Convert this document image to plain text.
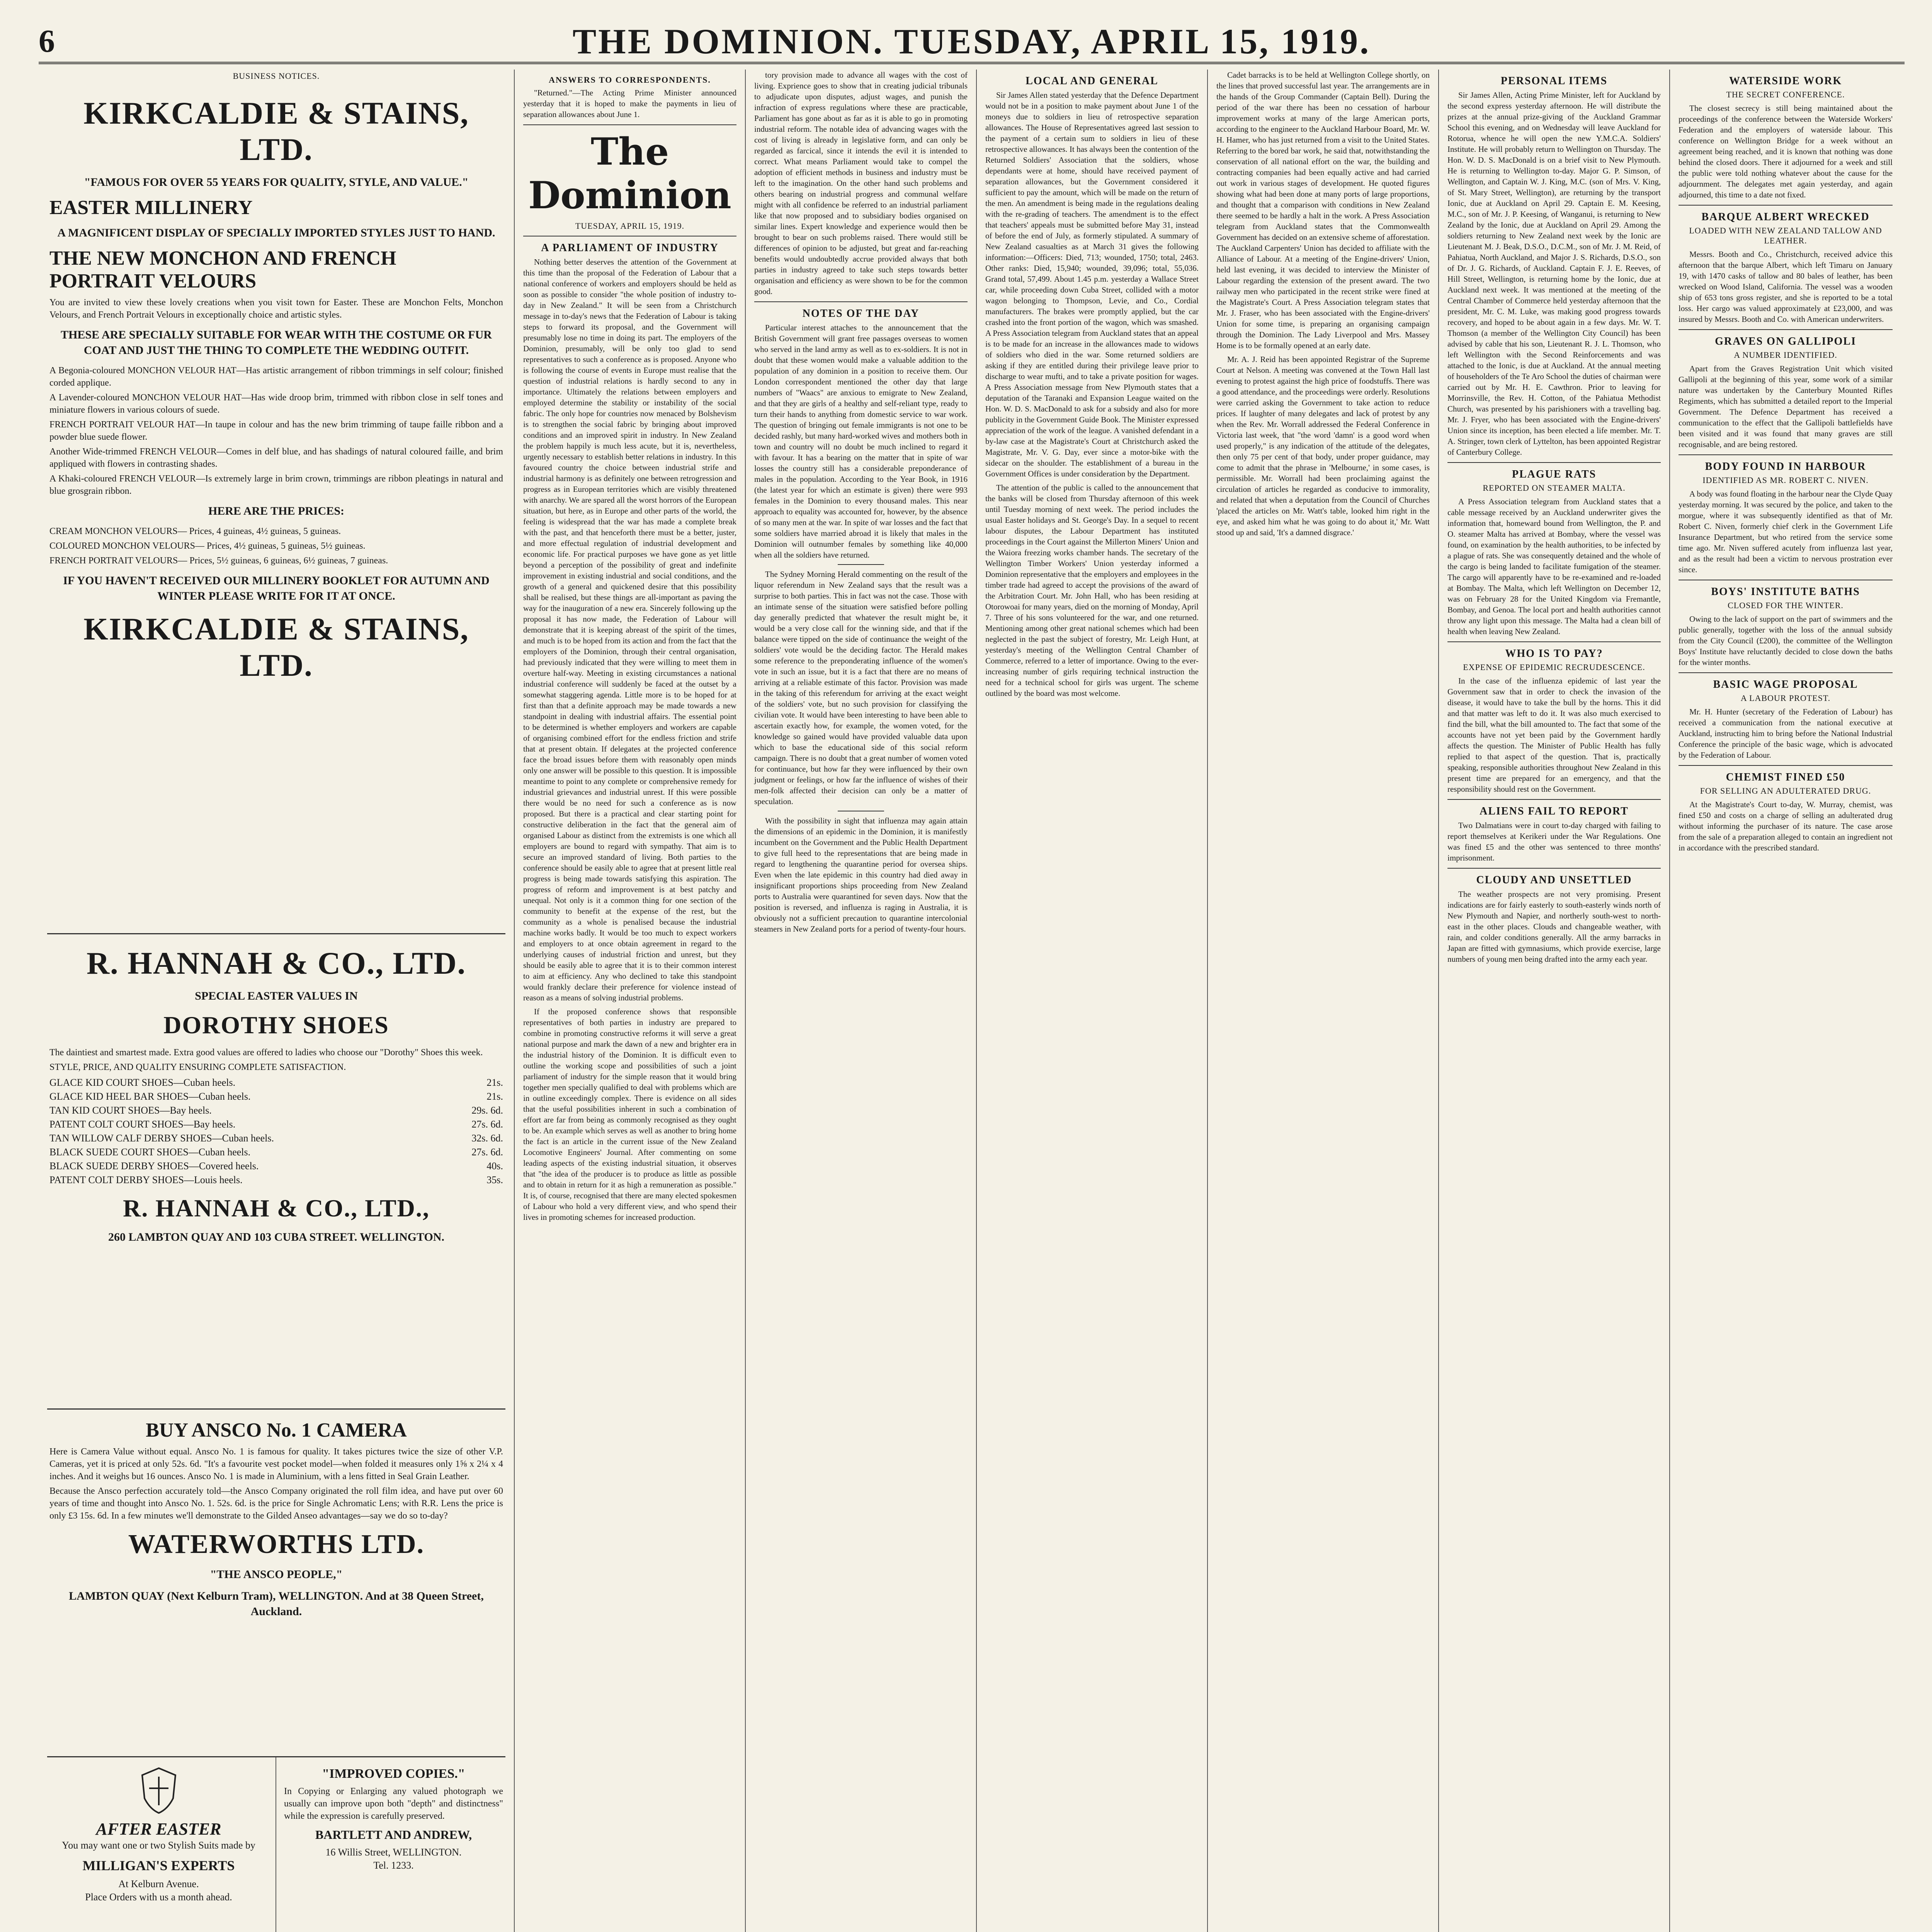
6	THE DOMINION. TUESDAY, APRIL 15, 1919.
BUSINESS NOTICES.
KIRKCALDIE & STAINS, LTD.
"FAMOUS FOR OVER 55 YEARS FOR QUALITY, STYLE, AND VALUE."
EASTER MILLINERY
A MAGNIFICENT DISPLAY OF SPECIALLY IMPORTED STYLES JUST TO HAND.
THE NEW MONCHON AND FRENCH PORTRAIT VELOURS

You are invited to view these lovely creations when you visit town for Easter. These are Monchon Felts, Monchon Velours, and French Portrait Velours in exceptionally choice and artistic styles.

THESE ARE SPECIALLY SUITABLE FOR WEAR WITH THE COSTUME OR FUR COAT AND JUST THE THING TO COMPLETE THE WEDDING OUTFIT.

A Begonia-coloured MONCHON VELOUR HAT—Has artistic arrangement of ribbon trimmings in self colour; finished corded applique.

A Lavender-coloured MONCHON VELOUR HAT—Has wide droop brim, trimmed with ribbon close in self tones and miniature flowers in various colours of suede.

FRENCH PORTRAIT VELOUR HAT—In taupe in colour and has the new brim trimming of taupe faille ribbon and a powder blue suede flower.

Another Wide-trimmed FRENCH VELOUR—Comes in delf blue, and has shadings of natural coloured faille, and brim appliqued with flowers in contrasting shades.

A Khaki-coloured FRENCH VELOUR—Is extremely large in brim crown, trimmings are ribbon pleatings in natural and blue grosgrain ribbon.

HERE ARE THE PRICES:
CREAM MONCHON VELOURS— Prices, 4 guineas, 4½ guineas, 5 guineas.
COLOURED MONCHON VELOURS— Prices, 4½ guineas, 5 guineas, 5½ guineas.
FRENCH PORTRAIT VELOURS— Prices, 5½ guineas, 6 guineas, 6½ guineas, 7 guineas.
IF YOU HAVEN'T RECEIVED OUR MILLINERY BOOKLET FOR AUTUMN AND WINTER PLEASE WRITE FOR IT AT ONCE.
KIRKCALDIE & STAINS, LTD.
R. HANNAH & CO., LTD.
SPECIAL EASTER VALUES IN
DOROTHY SHOES

The daintiest and smartest made. Extra good values are offered to ladies who choose our "Dorothy" Shoes this week.

STYLE, PRICE, AND QUALITY ENSURING COMPLETE SATISFACTION.

GLACE KID COURT SHOES—Cuban heels.	21s.
GLACE KID HEEL BAR SHOES—Cuban heels.	21s.
TAN KID COURT SHOES—Bay heels.	29s. 6d.
PATENT COLT COURT SHOES—Bay heels.	27s. 6d.
TAN WILLOW CALF DERBY SHOES—Cuban heels.	32s. 6d.
BLACK SUEDE COURT SHOES—Cuban heels.	27s. 6d.
BLACK SUEDE DERBY SHOES—Covered heels.	40s.
PATENT COLT DERBY SHOES—Louis heels.	35s.
R. HANNAH & CO., LTD.,
260 LAMBTON QUAY AND 103 CUBA STREET. WELLINGTON.
BUY ANSCO No. 1 CAMERA

Here is Camera Value without equal. Ansco No. 1 is famous for quality. It takes pictures twice the size of other V.P. Cameras, yet it is priced at only 52s. 6d. "It's a favourite vest pocket model—when folded it measures only 1⅝ x 2¼ x 4 inches. And it weighs but 16 ounces. Ansco No. 1 is made in Aluminium, with a lens fitted in Seal Grain Leather.

Because the Ansco perfection accurately told—the Ansco Company originated the roll film idea, and have put over 60 years of time and thought into Ansco No. 1. 52s. 6d. is the price for Single Achromatic Lens; with R.R. Lens the price is only £3 15s. 6d. In a few minutes we'll demonstrate to the Gilded Anseo advantages—say we do so to-day?

WATERWORTHS LTD.
"THE ANSCO PEOPLE,"
LAMBTON QUAY (Next Kelburn Tram), WELLINGTON. And at 38 Queen Street, Auckland.
AFTER EASTER
You may want one or two Stylish Suits made by
MILLIGAN'S EXPERTS
At Kelburn Avenue.
Place Orders with us a month ahead.

"IMPROVED COPIES."

In Copying or Enlarging any valued photograph we usually can improve upon both "depth" and distinctness" while the expression is carefully preserved.

BARTLETT AND ANDREW,
16 Willis Street, WELLINGTON.
Tel. 1233.

ANSWERS TO CORRESPONDENTS.

"Returned."—The Acting Prime Minister announced yesterday that it is hoped to make the payments in lieu of separation allowances about June 1.

The Dominion
TUESDAY, APRIL 15, 1919.
A PARLIAMENT OF INDUSTRY

Nothing better deserves the attention of the Government at this time than the proposal of the Federation of Labour that a national conference of workers and employers should be held as soon as possible to consider "the whole position of industry to-day in New Zealand." It will be seen from a Christchurch message in to-day's news that the Federation of Labour is taking steps to forward its proposal, and the Government will presumably lose no time in doing its part. The employers of the Dominion, presumably, will be only too glad to send representatives to such a conference as is proposed. Anyone who is following the course of events in Europe must realise that the question of industrial relations is hardly second to any in importance. Ultimately the relations between employers and employed determine the stability or instability of the social fabric. The only hope for countries now menaced by Bolshevism is to strengthen the social fabric by bringing about improved conditions and an improved spirit in industry. In New Zealand the problem happily is much less acute, but it is, nevertheless, urgently necessary to establish better relations in industry. In this favoured country the choice between industrial strife and industrial harmony is as definitely one between retrogression and progress as in European territories which are visibly threatened with anarchy. We are spared all the worst horrors of the European situation, but here, as in Europe and other parts of the world, the feeling is widespread that the war has made a complete break with the past, and that henceforth there must be a better, juster, and more effectual regulation of industrial development and economic life. For practical purposes we have gone as yet little beyond a perception of the possibility of great and indefinite improvement in existing industrial and social conditions, and the growth of a general and quickened desire that this possibility shall be realised, but these things are all-important as paving the way for the inauguration of a new era. Sincerely following up the proposal it has now made, the Federation of Labour will demonstrate that it is keeping abreast of the spirit of the times, and much is to be hoped from its action and from the fact that the employers of the Dominion, through their central organisation, had previously indicated that they were willing to meet them in overture half-way. Meeting in existing circumstances a national industrial conference will suddenly be faced at the outset by a somewhat staggering agenda. Little more is to be hoped for at first than that a definite approach may be made towards a new standpoint in dealing with industrial affairs. The essential point to be determined is whether employers and workers are capable of organising combined effort for the endless friction and strife that at present obtain. If delegates at the projected conference face the broad issues before them with reasonably open minds only one answer will be possible to this question. It is impossible meantime to point to any complete or comprehensive remedy for industrial grievances and industrial unrest. If this were possible there would be no need for such a conference as is now proposed. But there is a practical and clear starting point for constructive deliberation in the fact that the general aim of organised Labour as distinct from the extremists is one which all employers are bound to regard with sympathy. That aim is to secure an improved standard of living. Both parties to the conference should be easily able to agree that at present little real progress is being made towards satisfying this aspiration. The progress of reform and improvement is at best patchy and unequal. Not only is it a common thing for one section of the community to benefit at the expense of the rest, but the community as a whole is penalised because the industrial machine works badly. It would be too much to expect workers and employers to at once obtain agreement in regard to the underlying causes of industrial friction and unrest, but they should be easily able to agree that it is to their common interest to aim at efficiency. Any who declined to take this standpoint would frankly declare their preference for violence instead of reason as a means of solving industrial problems.

If the proposed conference shows that responsible representatives of both parties in industry are prepared to combine in promoting constructive reforms it will serve a great national purpose and mark the dawn of a new and brighter era in the industrial history of the Dominion. It is difficult even to outline the working scope and possibilities of such a joint parliament of industry for the simple reason that it would bring together men specially qualified to deal with problems which are in outline exceedingly complex. There is evidence on all sides that the useful possibilities inherent in such a combination of effort are far from being as commonly recognised as they ought to be. An example which serves as well as another to bring home the fact is an article in the current issue of the New Zealand Locomotive Engineers' Journal. After commenting on some leading aspects of the existing industrial situation, it observes that "the idea of the producer is to produce as little as possible and to obtain in return for it as high a remuneration as possible." It is, of course, recognised that there are many elected spokesmen of Labour who hold a very different view, and who spend their lives in promoting schemes for increased production.

tory provision made to advance all wages with the cost of living. Exprience goes to show that in creating judicial tribunals to adjudicate upon disputes, adjust wages, and punish the infraction of express regulations where these are practicable, Parliament has gone about as far as it is able to go in promoting industrial reform. The notable idea of advancing wages with the cost of living is already in legislative form, and can only be regarded as farcical, since it intends the evil it is intended to correct. What means Parliament would take to compel the adoption of efficient methods in business and industry must be left to the imagination. On the other hand such problems and others bearing on industrial progress and communal welfare might with all confidence be referred to an industrial parliament like that now proposed and to subsidiary bodies organised on similar lines. Expert knowledge and experience would then be brought to bear on such problems raised. There would still be differences of opinion to be adjusted, but great and far-reaching benefits would undoubtedly accrue provided always that both parties in industry agreed to take such steps towards better organisation and efficiency as were shown to be for the common good.

NOTES OF THE DAY

Particular interest attaches to the announcement that the British Government will grant free passages overseas to women who served in the land army as well as to ex-soldiers. It is not in doubt that these women would make a valuable addition to the population of any dominion in a position to receive them. Our London correspondent mentioned the other day that large numbers of "Waacs" are anxious to emigrate to New Zealand, and that they are girls of a healthy and self-reliant type, ready to turn their hands to anything from domestic service to war work. The question of bringing out female immigrants is not one to be decided rashly, but many hard-worked wives and mothers both in town and country will no doubt be much inclined to regard it with favour. It has a bearing on the matter that in spite of war losses the country still has a considerable preponderance of males in the population. According to the Year Book, in 1916 (the latest year for which an estimate is given) there were 993 females in the Dominion to every thousand males. This near approach to equality was accounted for, however, by the absence of so many men at the war. In spite of war losses and the fact that some soldiers have married abroad it is likely that males in the Dominion will outnumber females by something like 40,000 when all the soldiers have returned.

The Sydney Morning Herald commenting on the result of the liquor referendum in New Zealand says that the result was a surprise to both parties. This in fact was not the case. Those with an intimate sense of the situation were satisfied before polling day generally predicted that whatever the result might be, it would be a very close call for the winning side, and that if the balance were tipped on the side of continuance the weight of the soldiers' vote would be the deciding factor. The Herald makes some reference to the preponderating influence of the women's vote in such an issue, but it is a fact that there are no means of arriving at a reliable estimate of this factor. Provision was made in the taking of this referendum for arriving at the exact weight of the soldiers' vote, but no such provision for classifying the civilian vote. It would have been interesting to have been able to ascertain exactly how, for example, the women voted, for the knowledge so gained would have provided valuable data upon which to base the educational side of this social reform campaign. There is no doubt that a great number of women voted for continuance, but how far they were influenced by their own judgment or feelings, or how far the influence of wishes of their men-folk affected their decision can only be a matter of speculation.

With the possibility in sight that influenza may again attain the dimensions of an epidemic in the Dominion, it is manifestly incumbent on the Government and the Public Health Department to give full heed to the representations that are being made in regard to lengthening the quarantine period for oversea ships. Even when the late epidemic in this country had died away in insignificant proportions ships proceeding from New Zealand ports to Australia were quarantined for seven days. Now that the position is reversed, and influenza is raging in Australia, it is obviously not a sufficient precaution to quarantine intercolonial steamers in New Zealand ports for a period of twenty-four hours.

LOCAL AND GENERAL

Sir James Allen stated yesterday that the Defence Department would not be in a position to make payment about June 1 of the moneys due to soldiers in lieu of retrospective separation allowances. The House of Representatives agreed last session to the payment of a certain sum to soldiers in lieu of these retrospective allowances. It has always been the contention of the Returned Soldiers' Association that the soldiers, whose dependants were at home, should have received payment of separation allowances, but the Government considered it sufficient to pay the amount, which will be made on the return of the men. An amendment is being made in the regulations dealing with the re-grading of teachers. The amendment is to the effect that teachers' appeals must be submitted before May 31, instead of before the end of July, as formerly stipulated. A summary of New Zealand casualties as at March 31 gives the following information:—Officers: Died, 713; wounded, 1750; total, 2463. Other ranks: Died, 15,940; wounded, 39,096; total, 55,036. Grand total, 57,499. About 1.45 p.m. yesterday a Wallace Street car, while proceeding down Cuba Street, collided with a motor wagon belonging to Thompson, Levie, and Co., Cordial manufacturers. The brakes were promptly applied, but the car crashed into the front portion of the wagon, which was smashed. A Press Association telegram from Auckland states that an appeal is to be made for an increase in the allowances made to widows of soldiers who died in the war. Some returned soldiers are asking if they are entitled during their privilege leave prior to discharge to wear mufti, and to take a private position for wages. A Press Association message from New Plymouth states that a deputation of the Taranaki and Expansion League waited on the Hon. W. D. S. MacDonald to ask for a subsidy and also for more publicity in the Government Guide Book. The Minister expressed appreciation of the work of the league. A vanished defendant in a by-law case at the Magistrate's Court at Christchurch asked the Magistrate, Mr. V. G. Day, ever since a motor-bike with the sidecar on the shoulder. The establishment of a bureau in the Government Offices is under consideration by the Department.

The attention of the public is called to the announcement that the banks will be closed from Thursday afternoon of this week until Tuesday morning of next week. The period includes the usual Easter holidays and St. George's Day. In a sequel to recent labour disputes, the Labour Department has instituted proceedings in the Court against the Millerton Miners' Union and the Waiora freezing works chamber hands. The secretary of the Wellington Timber Workers' Union yesterday informed a Dominion representative that the employers and employees in the timber trade had agreed to accept the provisions of the award of the Arbitration Court. Mr. John Hall, who has been residing at Otorowoai for many years, died on the morning of Monday, April 7. Three of his sons volunteered for the war, and one returned. Mentioning among other great national schemes which had been neglected in the past the subject of forestry, Mr. Leigh Hunt, at yesterday's meeting of the Wellington Central Chamber of Commerce, referred to a letter of importance. Owing to the ever-increasing number of girls requiring technical instruction the need for a technical school for girls was urgent. The scheme outlined by the board was most welcome.

Cadet barracks is to be held at Wellington College shortly, on the lines that proved successful last year. The arrangements are in the hands of the Group Commander (Captain Bell). During the period of the war there has been no cessation of harbour improvement works at many of the large American ports, according to the engineer to the Auckland Harbour Board, Mr. W. H. Hamer, who has just returned from a visit to the United States. Referring to the bored bar work, he said that, notwithstanding the conservation of all national effort on the war, the building and contracting companies had been equally active and had carried out work in various stages of development. He quoted figures showing what had been done at many ports of large proportions, and thought that a comparison with conditions in New Zealand there seemed to be hardly a halt in the work. A Press Association telegram from Auckland states that the Commonwealth Government has decided on an extensive scheme of afforestation. The Auckland Carpenters' Union has decided to affiliate with the Alliance of Labour. At a meeting of the Engine-drivers' Union, held last evening, it was decided to interview the Minister of Labour regarding the extension of the present award. The two railway men who participated in the recent strike were fined at the Magistrate's Court. A Press Association telegram states that Mr. J. Fraser, who has been associated with the Engine-drivers' Union for some time, is preparing an organising campaign through the Dominion. The Lady Liverpool and Mrs. Massey Home is to be formally opened at an early date.

Mr. A. J. Reid has been appointed Registrar of the Supreme Court at Nelson. A meeting was convened at the Town Hall last evening to protest against the high price of foodstuffs. There was a good attendance, and the proceedings were orderly. Resolutions were carried asking the Government to take action to reduce prices. If laughter of many delegates and lack of protest by any when the Rev. Mr. Worrall addressed the Federal Conference in Victoria last week, that "the word 'damn' is a good word when used properly," is any indication of the attitude of the delegates, then only 75 per cent of that body, under proper guidance, may come to admit that the phrase in 'Melbourne,' in some cases, is permissible. Mr. Worrall had been proclaiming against the circulation of articles he regarded as conducive to immorality, and related that when a deputation from the Council of Churches 'placed the articles on Mr. Watt's table, looked him right in the eye, and asked him what he was going to do about it,' Mr. Watt stood up and said, 'It's a damned disgrace.'

PERSONAL ITEMS

Sir James Allen, Acting Prime Minister, left for Auckland by the second express yesterday afternoon. He will distribute the prizes at the annual prize-giving of the Auckland Grammar School this evening, and on Wednesday will leave Auckland for Rotorua, whence he will open the new Y.M.C.A. Soldiers' Institute. He will probably return to Wellington on Thursday. The Hon. W. D. S. MacDonald is on a brief visit to New Plymouth. He is returning to Wellington to-day. Major G. P. Simson, of Wellington, and Captain W. J. King, M.C. (son of Mrs. V. King, of St. Mary Street, Wellington), are returning by the transport Ionic, due at Auckland on April 29. Captain E. M. Keesing, M.C., son of Mr. J. P. Keesing, of Wanganui, is returning to New Zealand by the Ionic, due at Auckland on April 29. Among the soldiers returning to New Zealand next week by the Ionic are Lieutenant M. J. Beak, D.S.O., D.C.M., son of Mr. J. M. Reid, of Pahiatua, North Auckland, and Major J. S. Richards, D.S.O., son of Dr. J. G. Richards, of Auckland. Captain F. J. E. Reeves, of Hill Street, Wellington, is returning home by the Ionic, due at Auckland next week. It was mentioned at the meeting of the Central Chamber of Commerce held yesterday afternoon that the president, Mr. C. M. Luke, was making good progress towards recovery, and hoped to be about again in a few days. Mr. W. T. Thomson (a member of the Wellington City Council) has been advised by cable that his son, Lieutenant R. J. L. Thomson, who left Wellington with the Second Reinforcements and was attached to the Ionic, is due at Auckland. At the annual meeting of householders of the Te Aro School the duties of chairman were carried out by Mr. H. E. Cawthron. Prior to leaving for Morrinsville, the Rev. H. Cotton, of the Pahiatua Methodist Church, was presented by his parishioners with a travelling bag. Mr. J. Fryer, who has been associated with the Engine-drivers' Union since its inception, has been elected a life member. Mr. T. A. Stringer, town clerk of Lyttelton, has been appointed Registrar of Canterbury College.

PLAGUE RATS
REPORTED ON STEAMER MALTA.

A Press Association telegram from Auckland states that a cable message received by an Auckland underwriter gives the information that, homeward bound from Wellington, the P. and O. steamer Malta has arrived at Bombay, where the vessel was found, on examination by the health authorities, to be infected by a plague of rats. She was consequently detained and the whole of the cargo is being landed to facilitate fumigation of the steamer. The cargo will apparently have to be re-examined and re-loaded at Bombay. The Malta, which left Wellington on December 12, was on February 28 for the United Kingdom via Fremantle, Bombay, and Genoa. The local port and health authorities cannot throw any light upon this message. The Malta had a clean bill of health when leaving New Zealand.

WHO IS TO PAY?
EXPENSE OF EPIDEMIC RECRUDESCENCE.

In the case of the influenza epidemic of last year the Government saw that in order to check the invasion of the disease, it would have to take the bull by the horns. This it did and that matter was left to do it. It was also much exercised to find the bill, what the bill amounted to. The fact that some of the accounts have not yet been paid by the Government hardly affects the question. The Minister of Public Health has fully replied to that aspect of the question. That is, practically speaking, responsible authorities throughout New Zealand in this present time are prepared for an emergency, and that the responsibility should rest on the Government.

ALIENS FAIL TO REPORT

Two Dalmatians were in court to-day charged with failing to report themselves at Kerikeri under the War Regulations. One was fined £5 and the other was sentenced to three months' imprisonment.

CLOUDY AND UNSETTLED

The weather prospects are not very promising. Present indications are for fairly easterly to south-easterly winds north of New Plymouth and Napier, and northerly south-west to north-east in the other places. Clouds and changeable weather, with rain, and colder conditions generally. All the army barracks in Japan are fitted with gymnasiums, which provide exercise, large numbers of young men being drafted into the army each year.

WATERSIDE WORK
THE SECRET CONFERENCE.

The closest secrecy is still being maintained about the proceedings of the conference between the Waterside Workers' Federation and the employers of waterside labour. This conference on Wellington Bridge for a week without an agreement being reached, and it is known that nothing was done behind the closed doors. There it adjourned for a week and still the public were told nothing whatever about the cause for the adjournment. The delegates met again yesterday, and again adjourned, this time to a date not fixed.

BARQUE ALBERT WRECKED
LOADED WITH NEW ZEALAND TALLOW AND LEATHER.

Messrs. Booth and Co., Christchurch, received advice this afternoon that the barque Albert, which left Timaru on January 19, with 1470 casks of tallow and 80 bales of leather, has been wrecked on Wood Island, California. The vessel was a wooden ship of 653 tons gross register, and she is reported to be a total loss. Her cargo was valued approximately at £23,000, and was insured by Messrs. Booth and Co. with American underwriters.

GRAVES ON GALLIPOLI
A NUMBER IDENTIFIED.

Apart from the Graves Registration Unit which visited Gallipoli at the beginning of this year, some work of a similar nature was undertaken by the Canterbury Mounted Rifles Regiments, which has submitted a detailed report to the Imperial Government. The Defence Department has received a communication to the effect that the Gallipoli battlefields have been visited and it was found that many graves are still recognisable, and are being restored.

BODY FOUND IN HARBOUR
IDENTIFIED AS MR. ROBERT C. NIVEN.

A body was found floating in the harbour near the Clyde Quay yesterday morning. It was secured by the police, and taken to the morgue, where it was subsequently identified as that of Mr. Robert C. Niven, formerly chief clerk in the Government Life Insurance Department, but who retired from the service some time ago. Mr. Niven suffered acutely from influenza last year, and as the result had been a victim to nervous prostration ever since.

BOYS' INSTITUTE BATHS
CLOSED FOR THE WINTER.

Owing to the lack of support on the part of swimmers and the public generally, together with the loss of the annual subsidy from the City Council (£200), the committee of the Wellington Boys' Institute have reluctantly decided to close down the baths for the winter months.

BASIC WAGE PROPOSAL
A LABOUR PROTEST.

Mr. H. Hunter (secretary of the Federation of Labour) has received a communication from the national executive at Auckland, instructing him to bring before the National Industrial Conference the principle of the basic wage, which is advocated by the Federation of Labour.

CHEMIST FINED £50
FOR SELLING AN ADULTERATED DRUG.

At the Magistrate's Court to-day, W. Murray, chemist, was fined £50 and costs on a charge of selling an adulterated drug without informing the purchaser of its nature. The case arose from the sale of a preparation alleged to contain an ingredient not in accordance with the prescribed standard.
